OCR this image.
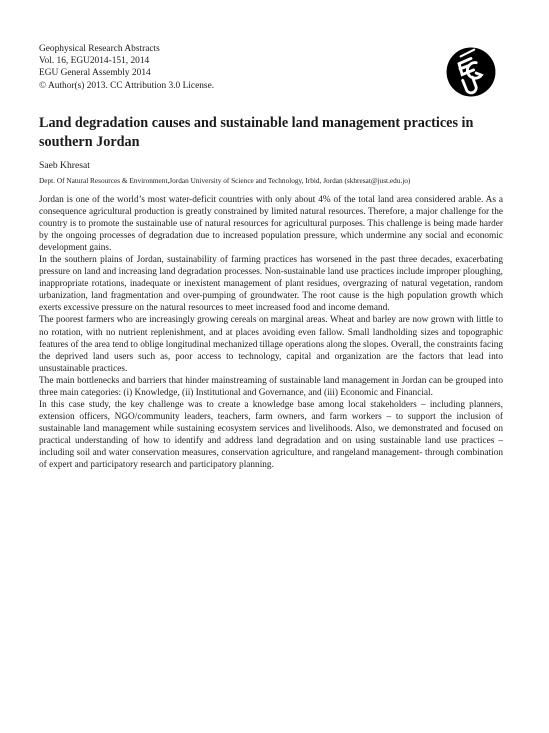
Geophysical Research Abstracts
Vol. 16, EGU2014-151, 2014
EGU General Assembly 2014
© Author(s) 2013. CC Attribution 3.0 License.
Land degradation causes and sustainable land management practices in southern Jordan
Saeb Khresat
Dept. Of Natural Resources & Environment,Jordan University of Science and Technology, Irbid, Jordan (skhresat@just.edu.jo)

Jordan is one of the world’s most water-deficit countries with only about 4% of the total land area considered arable. As a consequence agricultural production is greatly constrained by limited natural resources. Therefore, a major challenge for the country is to promote the sustainable use of natural resources for agricultural purposes. This challenge is being made harder by the ongoing processes of degradation due to increased population pressure, which undermine any social and economic development gains.

In the southern plains of Jordan, sustainability of farming practices has worsened in the past three decades, exacerbating pressure on land and increasing land degradation processes. Non-sustainable land use practices include improper ploughing, inappropriate rotations, inadequate or inexistent management of plant residues, overgrazing of natural vegetation, random urbanization, land fragmentation and over-pumping of groundwater. The root cause is the high population growth which exerts excessive pressure on the natural resources to meet increased food and income demand.

The poorest farmers who are increasingly growing cereals on marginal areas. Wheat and barley are now grown with little to no rotation, with no nutrient replenishment, and at places avoiding even fallow. Small landholding sizes and topographic features of the area tend to oblige longitudinal mechanized tillage operations along the slopes. Overall, the constraints facing the deprived land users such as, poor access to technology, capital and organization are the factors that lead into unsustainable practices.

The main bottlenecks and barriers that hinder mainstreaming of sustainable land management in Jordan can be grouped into three main categories: (i) Knowledge, (ii) Institutional and Governance, and (iii) Economic and Financial.

In this case study, the key challenge was to create a knowledge base among local stakeholders – including planners, extension officers, NGO/community leaders, teachers, farm owners, and farm workers – to support the inclusion of sustainable land management while sustaining ecosystem services and livelihoods. Also, we demonstrated and focused on practical understanding of how to identify and address land degradation and on using sustainable land use practices – including soil and water conservation measures, conservation agriculture, and rangeland management- through combination of expert and participatory research and participatory planning.
